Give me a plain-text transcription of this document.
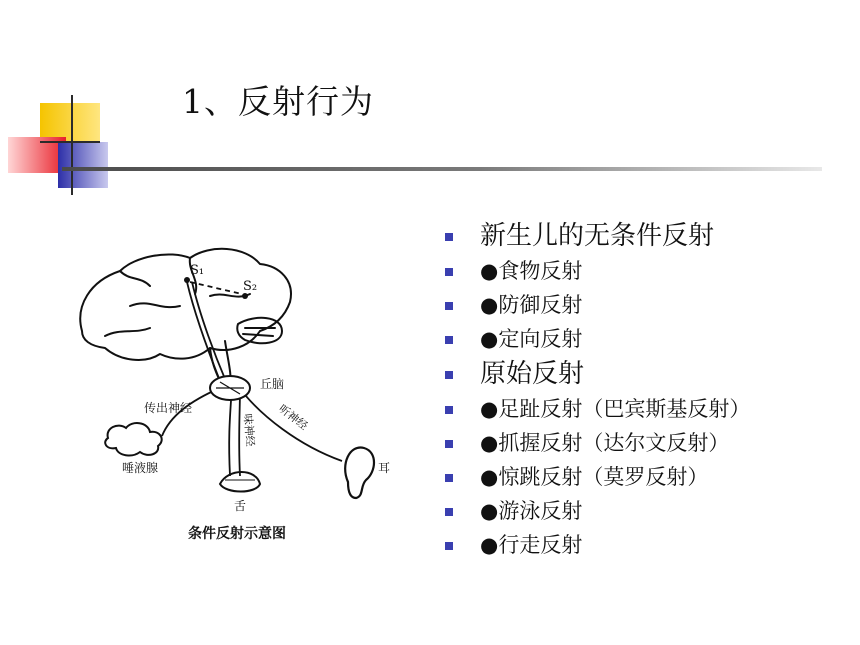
1、反射行为
S₁
S₂
丘脑
传出神经
唾液腺
舌
味神经
耳
听神经
条件反射示意图
新生儿的无条件反射
●食物反射
●防御反射
●定向反射
原始反射
●足趾反射（巴宾斯基反射）
●抓握反射（达尔文反射）
●惊跳反射（莫罗反射）
●游泳反射
●行走反射
